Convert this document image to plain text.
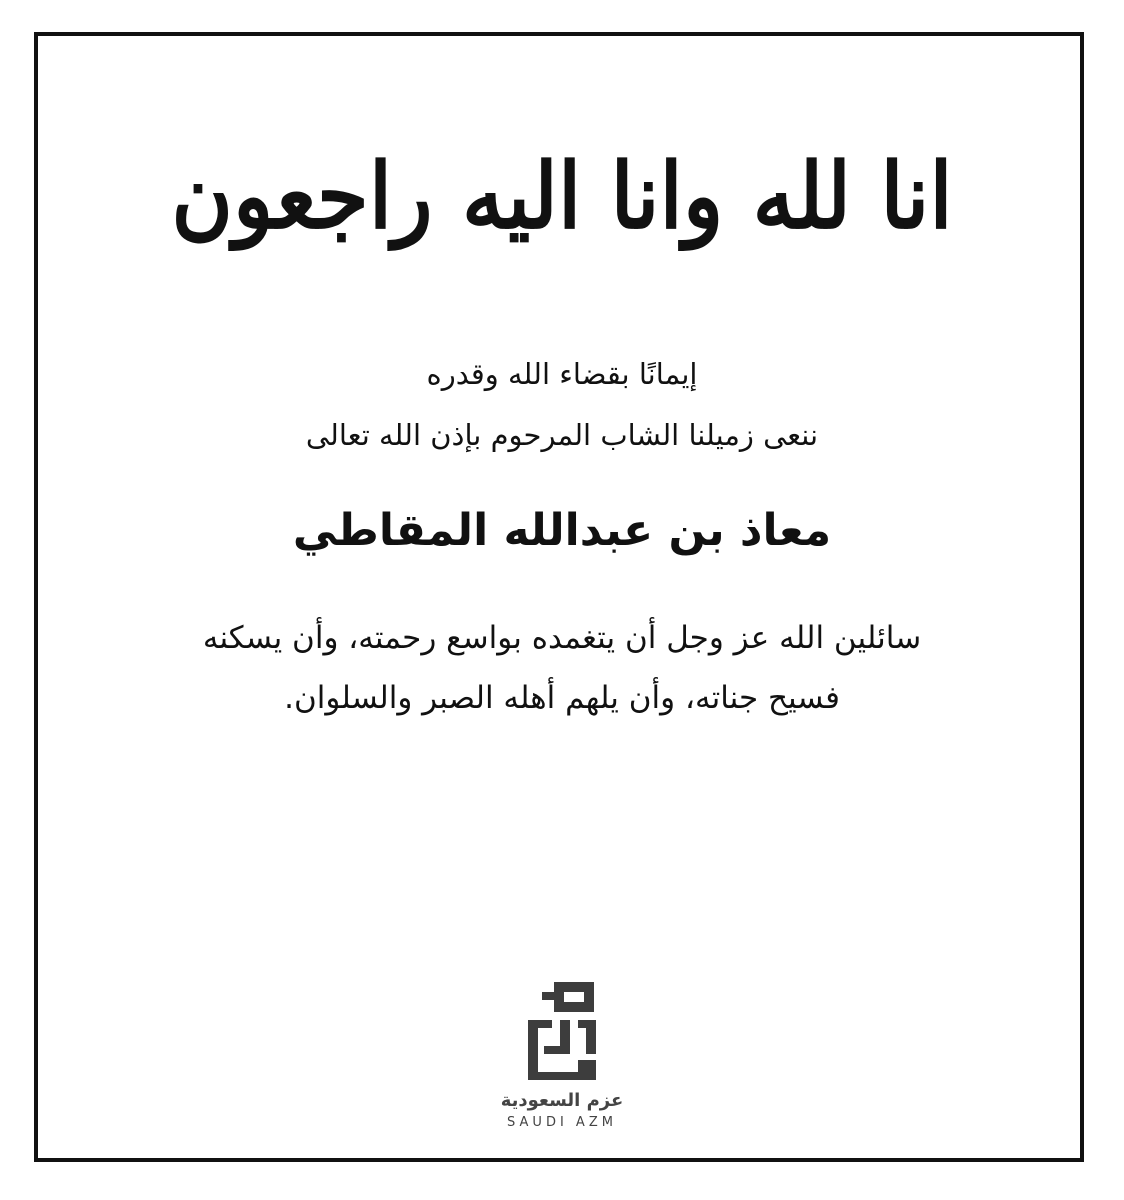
انا لله وانا اليه راجعون
إيمانًا بقضاء الله وقدره
ننعى زميلنا الشاب المرحوم بإذن الله تعالى
معاذ بن عبدالله المقاطي
سائلين الله عز وجل أن يتغمده بواسع رحمته، وأن يسكنه
فسيح جناته، وأن يلهم أهله الصبر والسلوان.
عزم السعودية
SAUDI AZM
